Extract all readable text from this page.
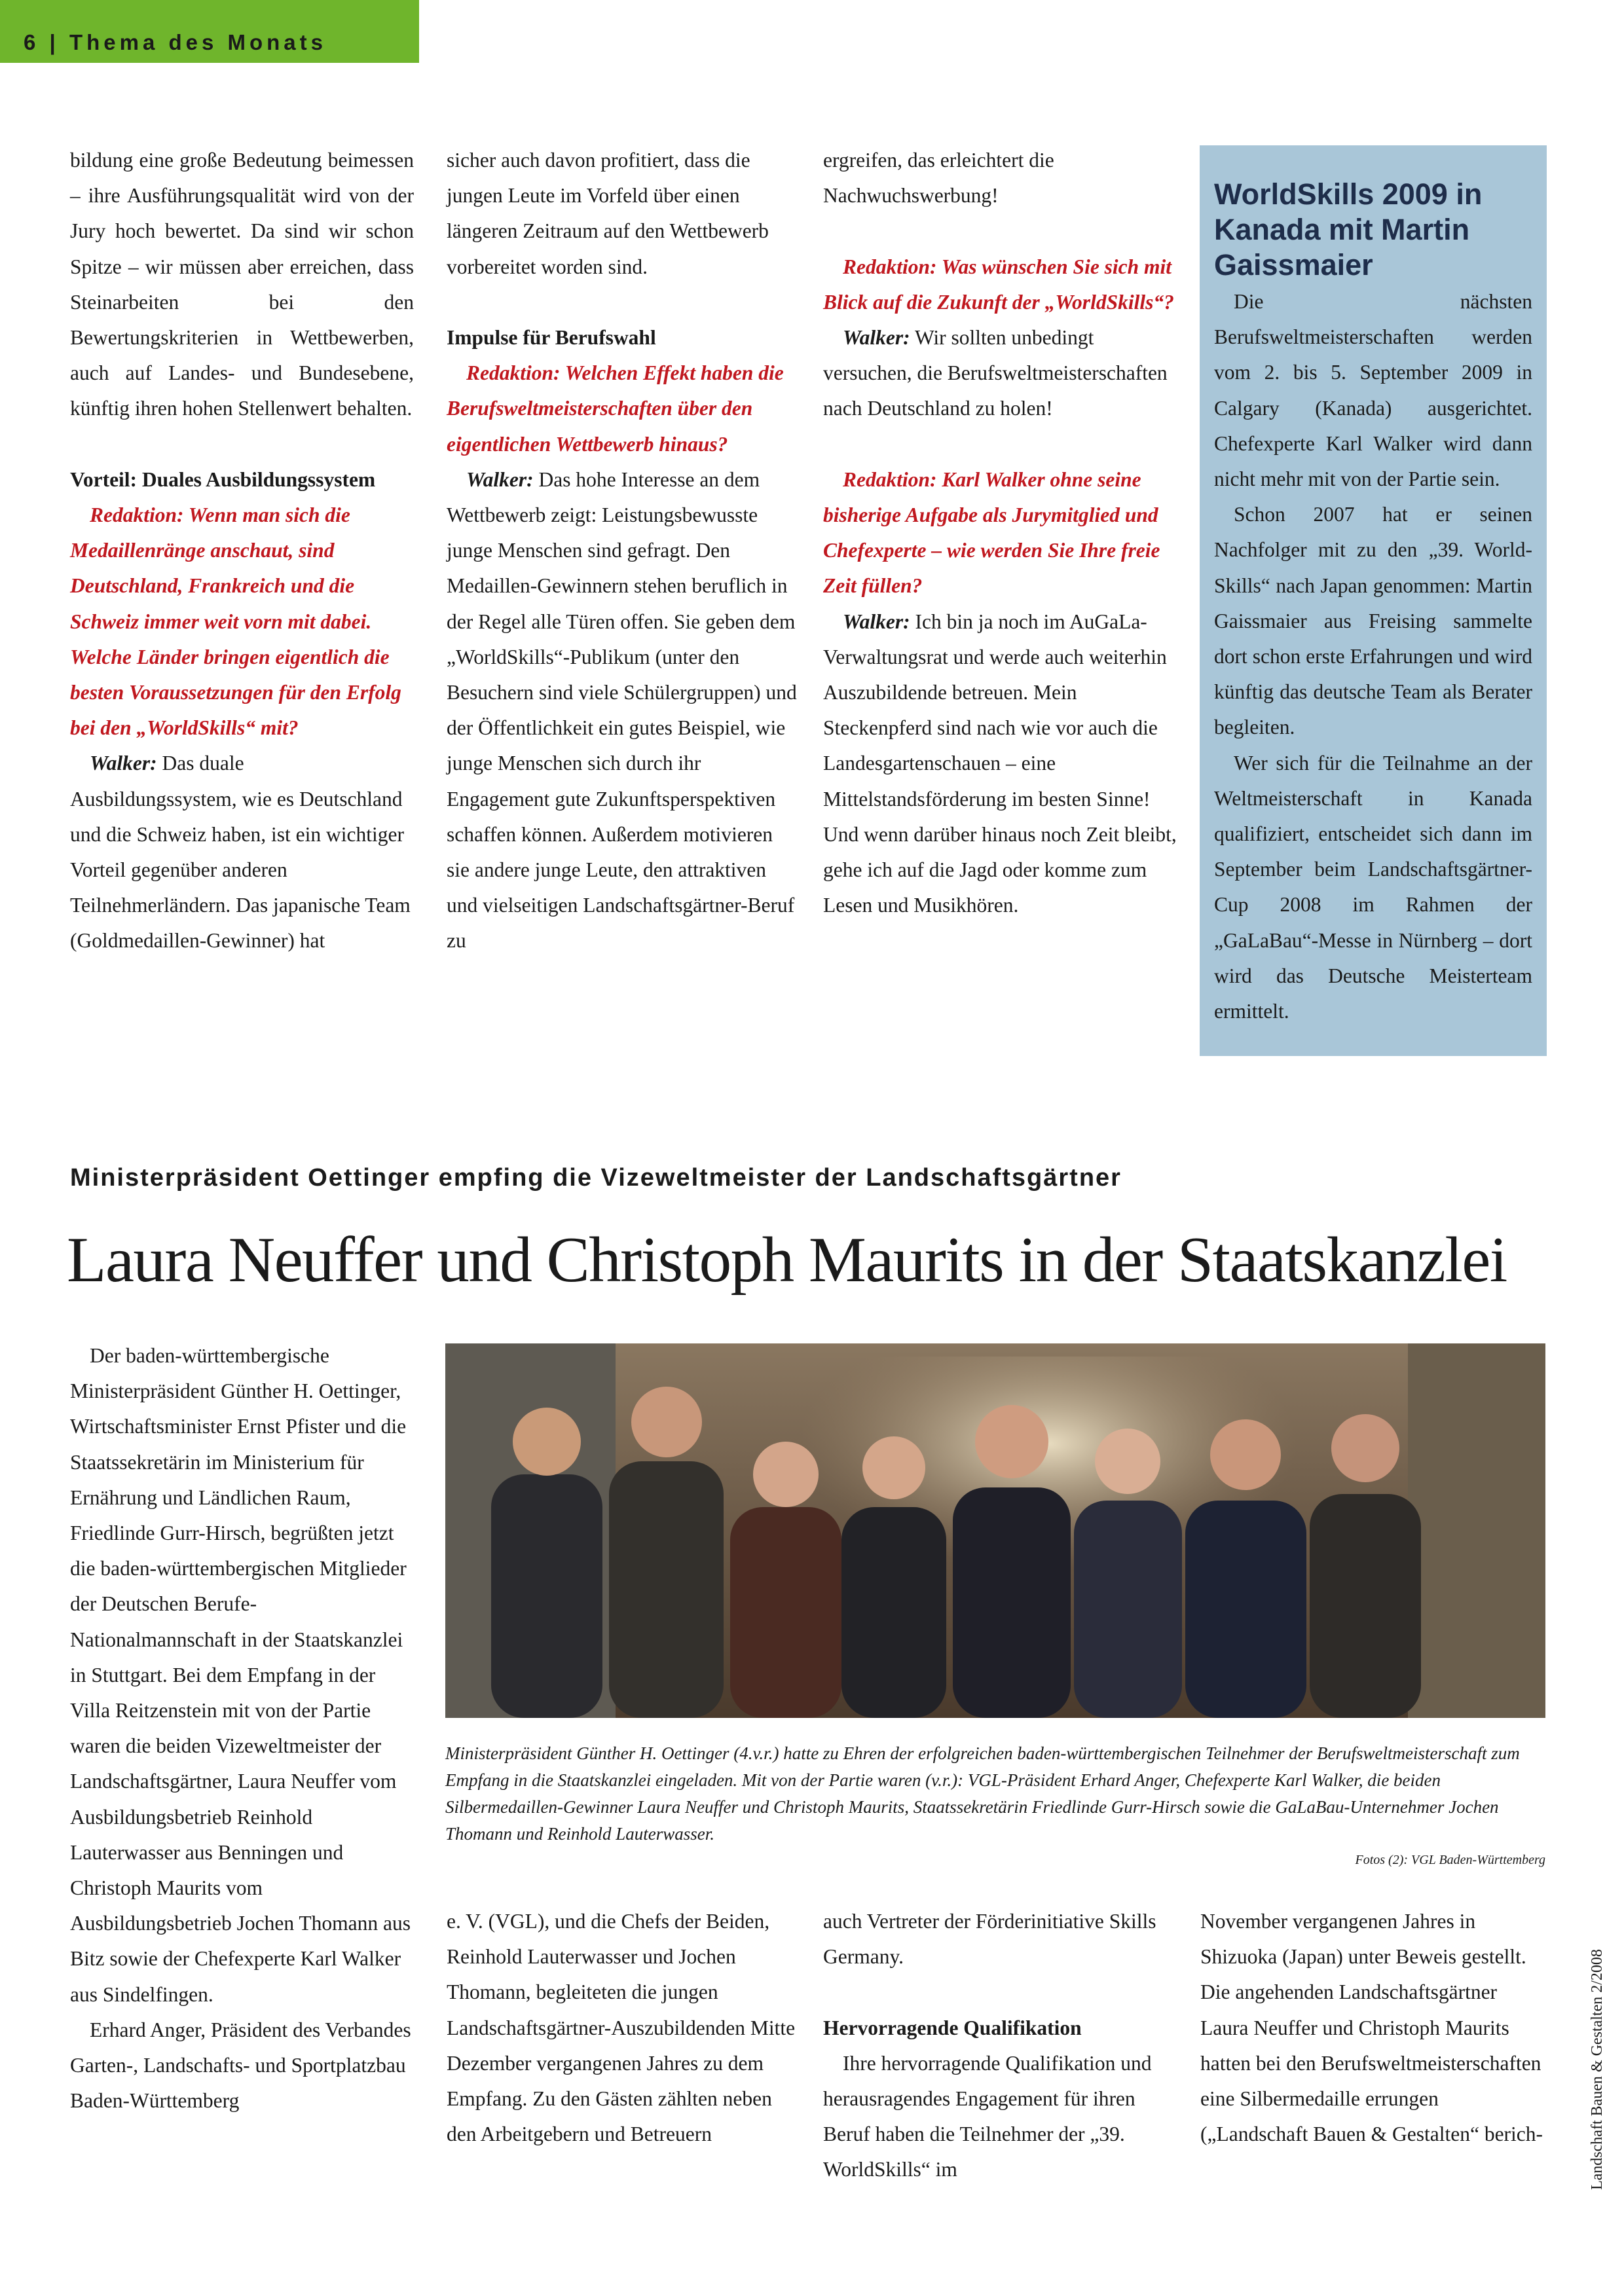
6 | Thema des Monats

bildung eine große Bedeutung beimessen – ihre Ausführungsqualität wird von der Jury hoch bewertet. Da sind wir schon Spitze – wir müssen aber erreichen, dass Steinarbeiten bei den Bewertungskriterien in Wettbewerben, auch auf Landes- und Bundesebene, künftig ihren hohen Stellenwert behalten.

Vorteil: Duales Ausbildungssystem

Redaktion: Wenn man sich die Medaillenränge anschaut, sind Deutschland, Frankreich und die Schweiz immer weit vorn mit dabei. Welche Länder bringen eigentlich die besten Voraussetzungen für den Erfolg bei den „WorldSkills“ mit?

Walker: Das duale Ausbildungssystem, wie es Deutschland und die Schweiz haben, ist ein wichtiger Vorteil gegenüber anderen Teilnehmerländern. Das japanische Team (Goldmedaillen-Gewinner) hat

sicher auch davon profitiert, dass die jungen Leute im Vorfeld über einen längeren Zeitraum auf den Wettbewerb vorbereitet worden sind.

Impulse für Berufswahl

Redaktion: Welchen Effekt haben die Berufsweltmeisterschaften über den eigentlichen Wettbewerb hinaus?

Walker: Das hohe Interesse an dem Wettbewerb zeigt: Leistungsbewusste junge Menschen sind gefragt. Den Medaillen-Gewinnern stehen beruflich in der Regel alle Türen offen. Sie geben dem „WorldSkills“-Publikum (unter den Besuchern sind viele Schülergruppen) und der Öffentlichkeit ein gutes Beispiel, wie junge Menschen sich durch ihr Engagement gute Zukunftsperspektiven schaffen können. Außerdem motivieren sie andere junge Leute, den attraktiven und vielseitigen Landschaftsgärtner-Beruf zu

ergreifen, das erleichtert die Nachwuchswerbung!

Redaktion: Was wünschen Sie sich mit Blick auf die Zukunft der „WorldSkills“?

Walker: Wir sollten unbedingt versuchen, die Berufsweltmeisterschaften nach Deutschland zu holen!

Redaktion: Karl Walker ohne seine bisherige Aufgabe als Jurymitglied und Chefexperte – wie werden Sie Ihre freie Zeit füllen?

Walker: Ich bin ja noch im AuGaLa-Verwaltungsrat und werde auch weiterhin Auszubildende betreuen. Mein Steckenpferd sind nach wie vor auch die Landesgartenschauen – eine Mittelstandsförderung im besten Sinne! Und wenn darüber hinaus noch Zeit bleibt, gehe ich auf die Jagd oder komme zum Lesen und Musikhören.

WorldSkills 2009 in Kanada mit Martin Gaissmaier

Die nächsten Berufsweltmeisterschaften werden vom 2. bis 5. September 2009 in Calgary (Kanada) ausgerichtet. Chefexperte Karl Walker wird dann nicht mehr mit von der Partie sein.

Schon 2007 hat er seinen Nachfolger mit zu den „39. World-Skills“ nach Japan genommen: Martin Gaissmaier aus Freising sammelte dort schon erste Erfahrungen und wird künftig das deutsche Team als Berater begleiten.

Wer sich für die Teilnahme an der Weltmeisterschaft in Kanada qualifiziert, entscheidet sich dann im September beim Landschaftsgärtner-Cup 2008 im Rahmen der „GaLaBau“-Messe in Nürnberg – dort wird das Deutsche Meisterteam ermittelt.

Ministerpräsident Oettinger empfing die Vizeweltmeister der Landschaftsgärtner
Laura Neuffer und Christoph Maurits in der Staatskanzlei

Der baden-württembergische Ministerpräsident Günther H. Oettinger, Wirtschaftsminister Ernst Pfister und die Staatssekretärin im Ministerium für Ernährung und Ländlichen Raum, Friedlinde Gurr-Hirsch, begrüßten jetzt die baden-württembergischen Mitglieder der Deutschen Berufe-Nationalmannschaft in der Staatskanzlei in Stuttgart. Bei dem Empfang in der Villa Reitzenstein mit von der Partie waren die beiden Vizeweltmeister der Landschaftsgärtner, Laura Neuffer vom Ausbildungsbetrieb Reinhold Lauterwasser aus Benningen und Christoph Maurits vom Ausbildungsbetrieb Jochen Thomann aus Bitz sowie der Chefexperte Karl Walker aus Sindelfingen.

Erhard Anger, Präsident des Verbandes Garten-, Landschafts- und Sportplatzbau Baden-Württemberg

Ministerpräsident Günther H. Oettinger (4.v.r.) hatte zu Ehren der erfolgreichen baden-württembergischen Teilnehmer der Berufsweltmeisterschaft zum Empfang in die Staatskanzlei eingeladen. Mit von der Partie waren (v.r.): VGL-Präsident Erhard Anger, Chefexperte Karl Walker, die beiden Silbermedaillen-Gewinner Laura Neuffer und Christoph Maurits, Staatssekretärin Friedlinde Gurr-Hirsch sowie die GaLaBau-Unternehmer Jochen Thomann und Reinhold Lauterwasser.
Fotos (2): VGL Baden-Württemberg

e. V. (VGL), und die Chefs der Beiden, Reinhold Lauterwasser und Jochen Thomann, begleiteten die jungen Landschaftsgärtner-Auszubildenden Mitte Dezember vergangenen Jahres zu dem Empfang. Zu den Gästen zählten neben den Arbeitgebern und Betreuern

auch Vertreter der Förderinitiative Skills Germany.

Hervorragende Qualifikation

Ihre hervorragende Qualifikation und herausragendes Engagement für ihren Beruf haben die Teilnehmer der „39. WorldSkills“ im

November vergangenen Jahres in Shizuoka (Japan) unter Beweis gestellt. Die angehenden Landschaftsgärtner Laura Neuffer und Christoph Maurits hatten bei den Berufsweltmeisterschaften eine Silbermedaille errungen („Landschaft Bauen & Gestalten“ berich-	Landschaft Bauen & Gestalten 2/2008
